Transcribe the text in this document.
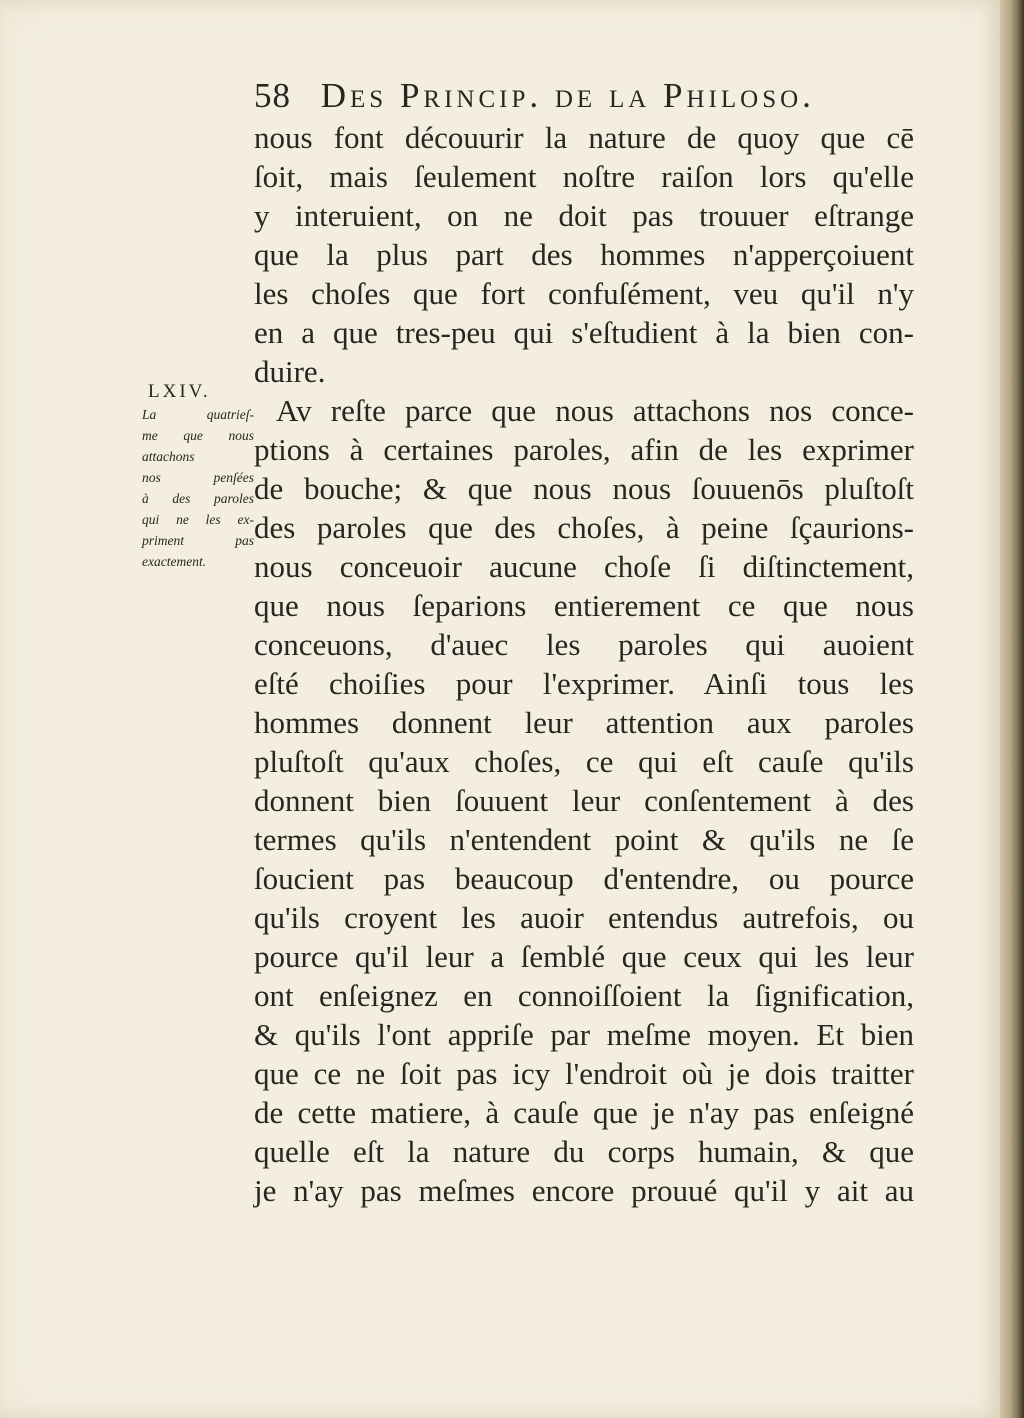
58 Des Princip. de la Philoso.
nous font découurir la nature de quoy que cē
ſoit, mais ſeulement noſtre raiſon lors qu'elle
y interuient, on ne doit pas trouuer eſtrange
que la plus part des hommes n'apperçoiuent
les choſes que fort confuſément, veu qu'il n'y
en a que tres-peu qui s'eſtudient à la bien con-
duire.
Av reſte parce que nous attachons nos conce-
ptions à certaines paroles, afin de les exprimer
de bouche; & que nous nous ſouuenōs pluſtoſt
des paroles que des choſes, à peine ſçaurions-
nous conceuoir aucune choſe ſi diſtinctement,
que nous ſeparions entierement ce que nous
conceuons, d'auec les paroles qui auoient
eſté choiſies pour l'exprimer. Ainſi tous les
hommes donnent leur attention aux paroles
pluſtoſt qu'aux choſes, ce qui eſt cauſe qu'ils
donnent bien ſouuent leur conſentement à des
termes qu'ils n'entendent point & qu'ils ne ſe
ſoucient pas beaucoup d'entendre, ou pource
qu'ils croyent les auoir entendus autrefois, ou
pource qu'il leur a ſemblé que ceux qui les leur
ont enſeignez en connoiſſoient la ſignification,
& qu'ils l'ont appriſe par meſme moyen. Et bien
que ce ne ſoit pas icy l'endroit où je dois traitter
de cette matiere, à cauſe que je n'ay pas enſeigné
quelle eſt la nature du corps humain, & que
je n'ay pas meſmes encore prouué qu'il y ait au
LXIV.
La quatrieſ-
me que nous
attachons
nos penſées
à des paroles
qui ne les ex-
priment pas
exactement.
